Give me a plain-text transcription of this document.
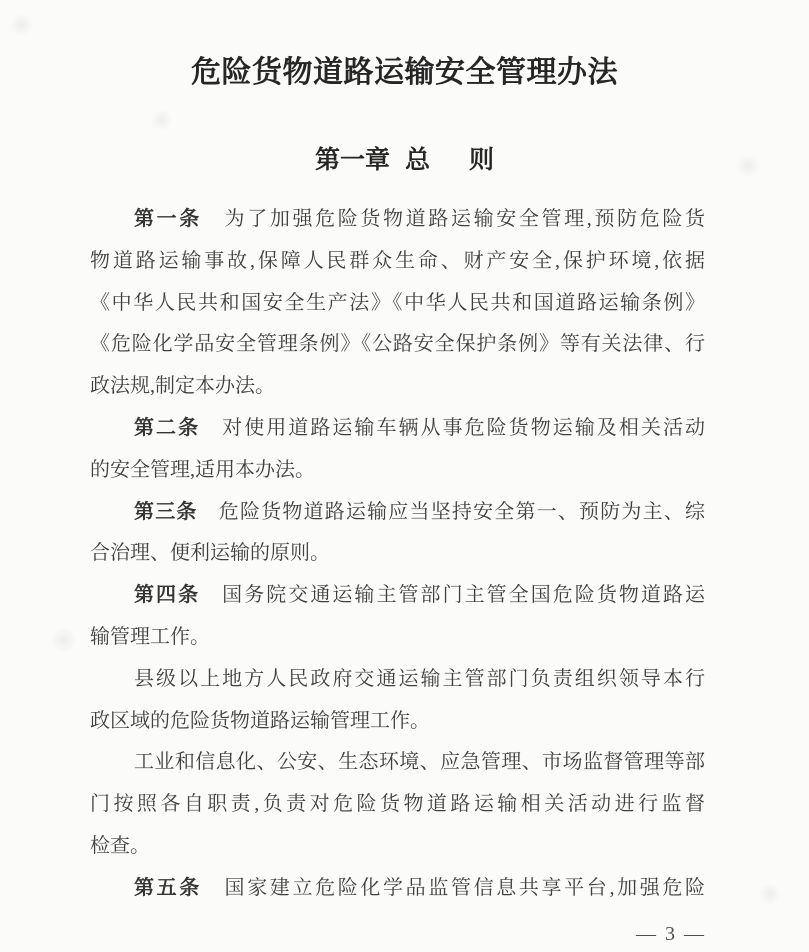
危险货物道路运输安全管理办法
第一章 总 则
第一条　为了加强危险货物道路运输安全管理,预防危险货
物道路运输事故,保障人民群众生命、财产安全,保护环境,依据
《中华人民共和国安全生产法》《中华人民共和国道路运输条例》
《危险化学品安全管理条例》《公路安全保护条例》等有关法律、行
政法规,制定本办法。
第二条　对使用道路运输车辆从事危险货物运输及相关活动
的安全管理,适用本办法。
第三条　危险货物道路运输应当坚持安全第一、预防为主、综
合治理、便利运输的原则。
第四条　国务院交通运输主管部门主管全国危险货物道路运
输管理工作。
县级以上地方人民政府交通运输主管部门负责组织领导本行
政区域的危险货物道路运输管理工作。
工业和信息化、公安、生态环境、应急管理、市场监督管理等部
门按照各自职责,负责对危险货物道路运输相关活动进行监督
检查。
第五条　国家建立危险化学品监管信息共享平台,加强危险
— 3 —
